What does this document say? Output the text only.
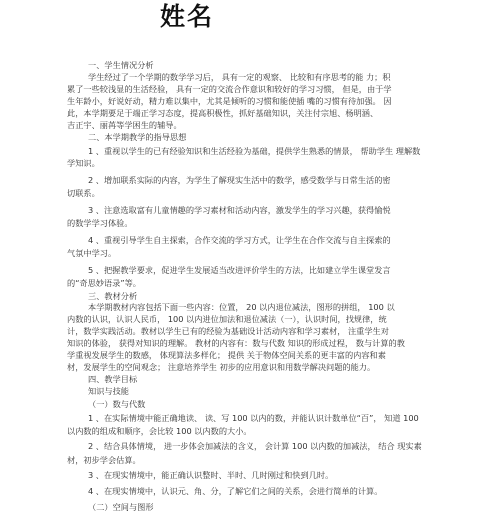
姓名
一、学生情况分析
学生经过了一个学期的数学学习后， 具有一定的观察、 比较和有序思考的能 力；积
累了一些较浅显的生活经验， 具有一定的交流合作意识和较好的学习习惯， 但是，由于学
生年龄小，好说好动，精力难以集中，尤其是倾听的习惯和能使插 嘴的习惯有待加强。 因
此，本学期要足于端正学习态度，提高积极性，抓好基础知识，关注付宗旭、杨明涵、
吉正宇、丽苒等学困生的辅导。
二、本学期教学的指导思想
1 、重视以学生的已有经验知识和生活经验为基础，提供学生熟悉的情景， 帮助学生 理解数
学知识。
2 、增加联系实际的内容，为学生了解现实生活中的数学，感受数学与日常生活的密
切联系。
3 、注意选取富有儿童情趣的学习素材和活动内容，激发学生的学习兴趣，获得愉悦
的数学学习体验。
4 、重视引导学生自主探索，合作交流的学习方式，让学生在合作交流与自主探索的
气氛中学习。
5 、把握教学要求，促进学生发展适当改进评价学生的方法，比如建立学生课堂发言
的“奇思妙语录”等。
三、教材分析
本学期教材内容包括下面一些内容：位置， 20 以内退位减法，图形的拼组， 100 以
内数的认识，认识人民币， 100 以内进位加法和退位减法（一），认识时间，找规律，统
计，数学实践活动。教材以学生已有的经验为基础设计活动内容和学习素材， 注重学生对
知识的体验， 获得对知识的理解。 教材的内容有：数与代数 知识的形成过程， 数与计算的教
学重视发展学生的数感， 体现算法多样化； 提供 关于物体空间关系的更丰富的内容和素
材，发展学生的空间观念； 注意培养学生 初步的应用意识和用数学解决问题的能力。
四、教学目标
知识与技能
（一）数与代数
1 、在实际情境中能正确地读、 读、写 100 以内的数，并能认识计数单位“百”， 知道 100
以内数的组成和顺序，会比较 100 以内数的大小。
2 、结合具体情境， 进一步体会加减法的含义， 会计算 100 以内数的加减法， 结合 现实素
材，初步学会估算。
3 、在现实情境中，能正确认识整时、半时、几时刚过和快到几时。
4 、在现实情境中，认识元、角、分，了解它们之间的关系，会进行简单的计算。
（二）空间与图形
